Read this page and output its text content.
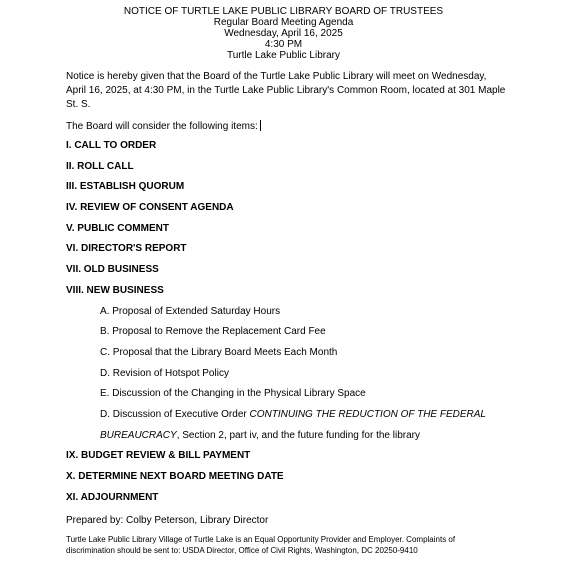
NOTICE OF TURTLE LAKE PUBLIC LIBRARY BOARD OF TRUSTEES
Regular Board Meeting Agenda
Wednesday, April 16, 2025
4:30 PM
Turtle Lake Public Library

Notice is hereby given that the Board of the Turtle Lake Public Library will meet on Wednesday, April 16, 2025, at 4:30 PM, in the Turtle Lake Public Library's Common Room, located at 301 Maple St. S.

The Board will consider the following items:

I. CALL TO ORDER
II. ROLL CALL
III. ESTABLISH QUORUM
IV. REVIEW OF CONSENT AGENDA
V. PUBLIC COMMENT
VI. DIRECTOR'S REPORT
VII. OLD BUSINESS
VIII. NEW BUSINESS
A. Proposal of Extended Saturday Hours
B. Proposal to Remove the Replacement Card Fee
C. Proposal that the Library Board Meets Each Month
D. Revision of Hotspot Policy
E. Discussion of the Changing in the Physical Library Space
D. Discussion of Executive Order CONTINUING THE REDUCTION OF THE FEDERAL
BUREAUCRACY, Section 2, part iv, and the future funding for the library
IX. BUDGET REVIEW & BILL PAYMENT
X. DETERMINE NEXT BOARD MEETING DATE
XI. ADJOURNMENT

Prepared by: Colby Peterson, Library Director

Turtle Lake Public Library Village of Turtle Lake is an Equal Opportunity Provider and Employer. Complaints of discrimination should be sent to: USDA Director, Office of Civil Rights, Washington, DC 20250-9410
